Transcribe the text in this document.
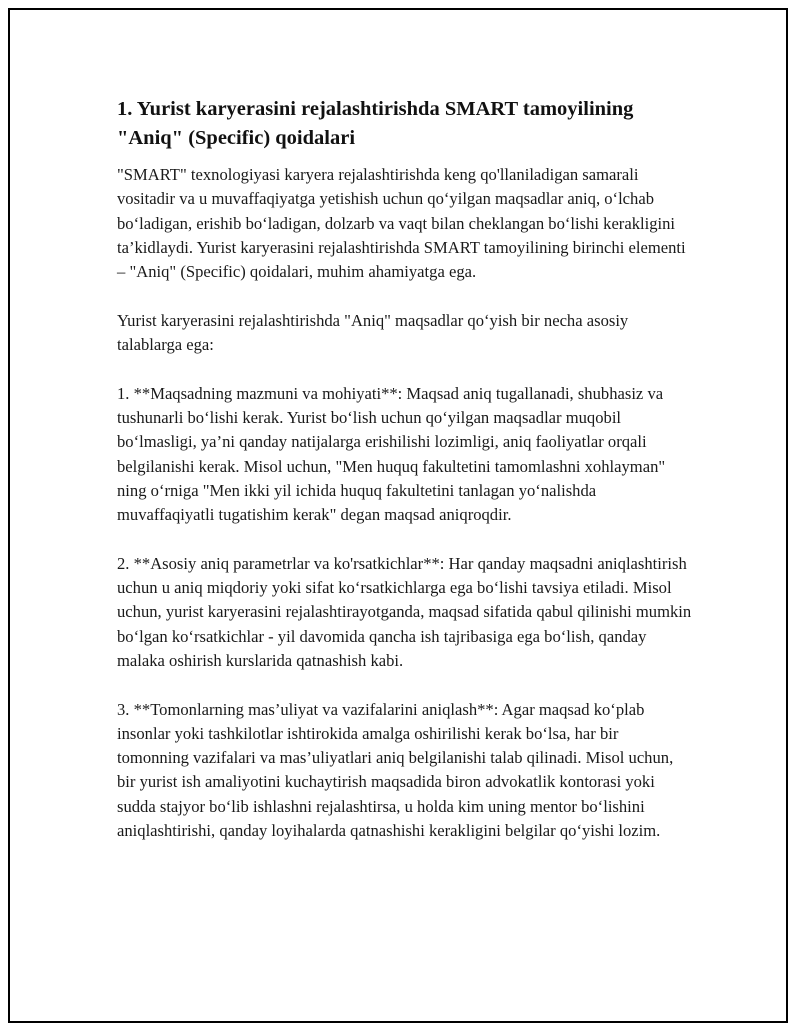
1. Yurist karyerasini rejalashtirishda SMART tamoyilining "Aniq" (Specific) qoidalari

"SMART" texnologiyasi karyera rejalashtirishda keng qo'llaniladigan samarali vositadir va u muvaffaqiyatga yetishish uchun qo‘yilgan maqsadlar aniq, o‘lchab bo‘ladigan, erishib bo‘ladigan, dolzarb va vaqt bilan cheklangan bo‘lishi kerakligini ta’kidlaydi. Yurist karyerasini rejalashtirishda SMART tamoyilining birinchi elementi – "Aniq" (Specific) qoidalari, muhim ahamiyatga ega.

Yurist karyerasini rejalashtirishda "Aniq" maqsadlar qo‘yish bir necha asosiy talablarga ega:

1. **Maqsadning mazmuni va mohiyati**: Maqsad aniq tugallanadi, shubhasiz va tushunarli bo‘lishi kerak. Yurist bo‘lish uchun qo‘yilgan maqsadlar muqobil bo‘lmasligi, ya’ni qanday natijalarga erishilishi lozimligi, aniq faoliyatlar orqali belgilanishi kerak. Misol uchun, "Men huquq fakultetini tamomlashni xohlayman" ning o‘rniga "Men ikki yil ichida huquq fakultetini tanlagan yo‘nalishda muvaffaqiyatli tugatishim kerak" degan maqsad aniqroqdir.

2. **Asosiy aniq parametrlar va ko'rsatkichlar**: Har qanday maqsadni aniqlashtirish uchun u aniq miqdoriy yoki sifat ko‘rsatkichlarga ega bo‘lishi tavsiya etiladi. Misol uchun, yurist karyerasini rejalashtirayotganda, maqsad sifatida qabul qilinishi mumkin bo‘lgan ko‘rsatkichlar - yil davomida qancha ish tajribasiga ega bo‘lish, qanday malaka oshirish kurslarida qatnashish kabi.

3. **Tomonlarning mas’uliyat va vazifalarini aniqlash**: Agar maqsad ko‘plab insonlar yoki tashkilotlar ishtirokida amalga oshirilishi kerak bo‘lsa, har bir tomonning vazifalari va mas’uliyatlari aniq belgilanishi talab qilinadi. Misol uchun, bir yurist ish amaliyotini kuchaytirish maqsadida biron advokatlik kontorasi yoki sudda stajyor bo‘lib ishlashni rejalashtirsa, u holda kim uning mentor bo‘lishini aniqlashtirishi, qanday loyihalarda qatnashishi kerakligini belgilar qo‘yishi lozim.
